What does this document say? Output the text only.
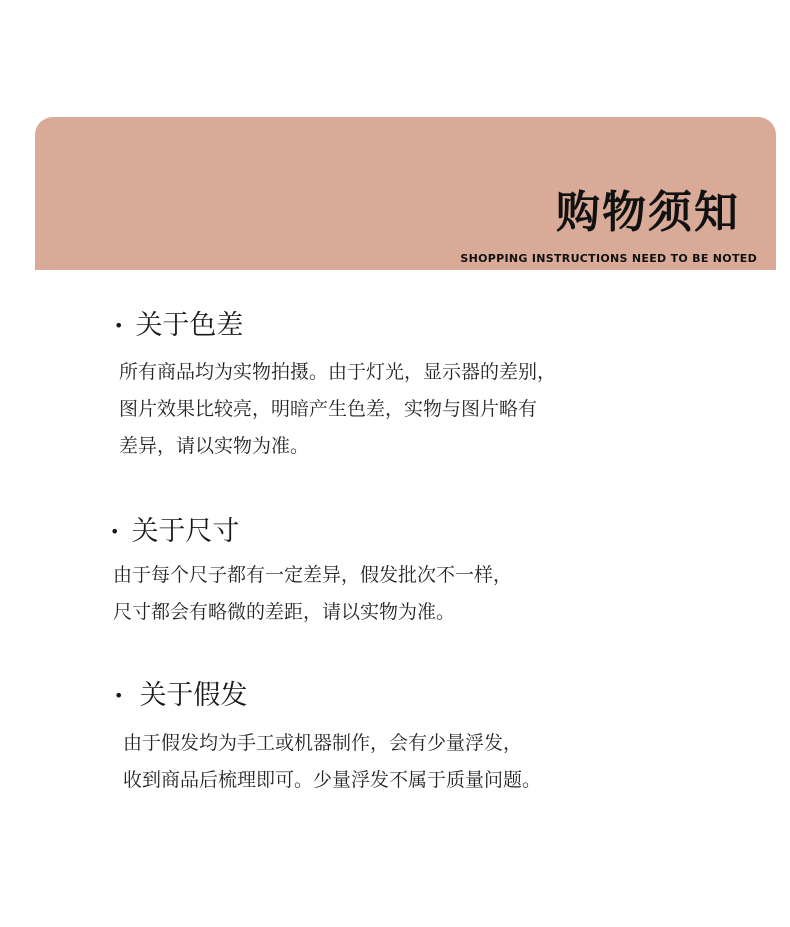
购物须知
SHOPPING INSTRUCTIONS NEED TO BE NOTED
• 关于色差

所有商品均为实物拍摄。由于灯光，显示器的差别，
图片效果比较亮，明暗产生色差，实物与图片略有
差异，请以实物为准。

• 关于尺寸

由于每个尺子都有一定差异，假发批次不一样，
尺寸都会有略微的差距，请以实物为准。

• 关于假发

由于假发均为手工或机器制作，会有少量浮发，
收到商品后梳理即可。少量浮发不属于质量问题。
